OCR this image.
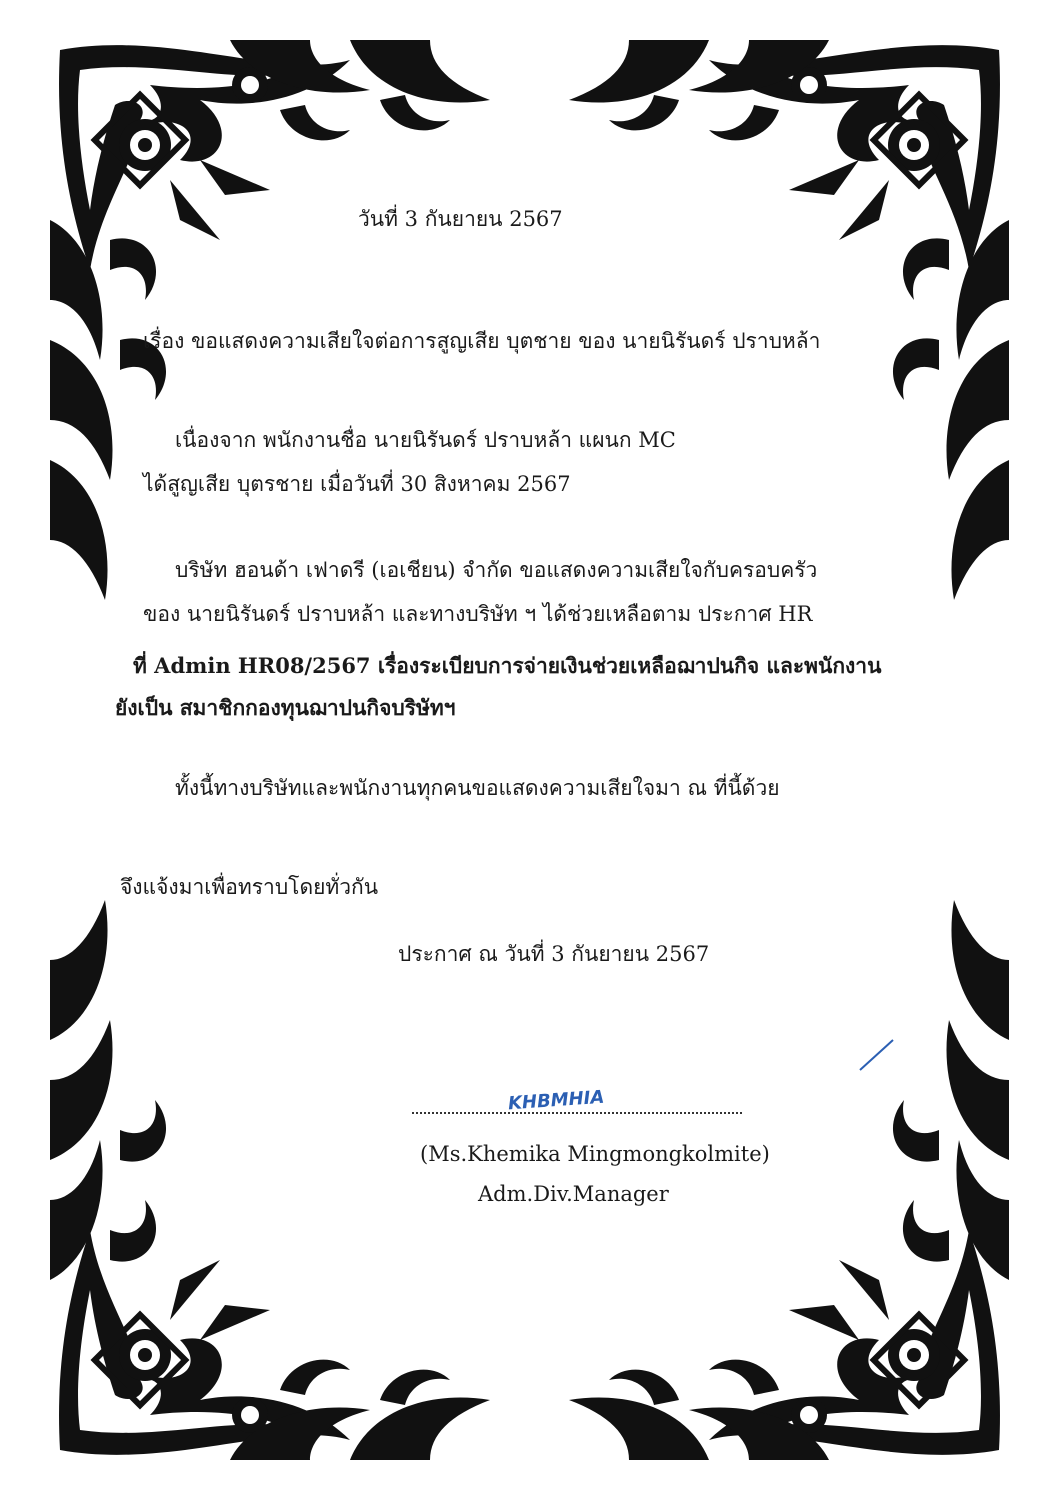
วันที่ 3 กันยายน 2567
เรื่อง ขอแสดงความเสียใจต่อการสูญเสีย บุตชาย ของ นายนิรันดร์ ปราบหล้า
เนื่องจาก พนักงานชื่อ นายนิรันดร์ ปราบหล้า แผนก MC
ได้สูญเสีย บุตรชาย เมื่อวันที่ 30 สิงหาคม 2567
บริษัท ฮอนด้า เฟาดรี (เอเชียน) จำกัด ขอแสดงความเสียใจกับครอบครัว
ของ นายนิรันดร์ ปราบหล้า และทางบริษัท ฯ ได้ช่วยเหลือตาม ประกาศ HR
ที่ Admin HR08/2567 เรื่องระเบียบการจ่ายเงินช่วยเหลือฌาปนกิจ และพนักงาน
ยังเป็น สมาชิกกองทุนฌาปนกิจบริษัทฯ
ทั้งนี้ทางบริษัทและพนักงานทุกคนขอแสดงความเสียใจมา ณ ที่นี้ด้วย
จึงแจ้งมาเพื่อทราบโดยทั่วกัน
ประกาศ ณ วันที่ 3 กันยายน 2567
KHBMHIA
(Ms.Khemika Mingmongkolmite)
Adm.Div.Manager
